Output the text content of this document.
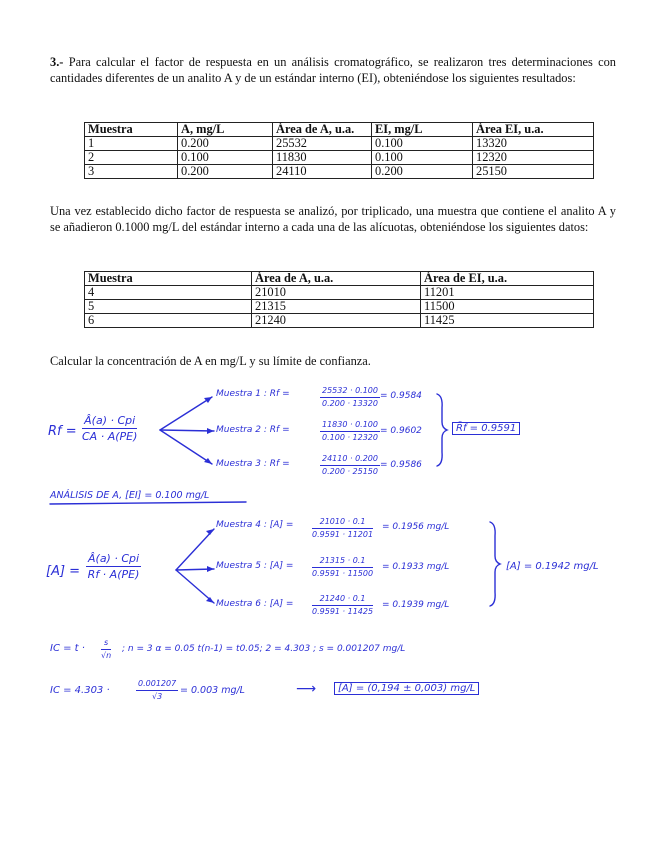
3.- Para calcular el factor de respuesta en un análisis cromatográfico, se realizaron tres determinaciones con cantidades diferentes de un analito A y de un estándar interno (EI), obteniéndose los siguientes resultados:
Muestra	A, mg/L	Área de A, u.a.	EI, mg/L	Área EI, u.a.
1	0.200	25532	0.100	13320
2	0.100	11830	0.100	12320
3	0.200	24110	0.200	25150
Una vez establecido dicho factor de respuesta se analizó, por triplicado, una muestra que contiene el analito A y se añadieron 0.1000 mg/L del estándar interno a cada una de las alícuotas, obteniéndose los siguientes datos:
Muestra	Área de A, u.a.	Área de EI, u.a.
4	21010	11201
5	21315	11500
6	21240	11425
Calcular la concentración de A en mg/L y su límite de confianza.
Rf =
Â(a) · Cpi
CA · A(PE)
Muestra 1 : Rf =	$\frac{25532 \cdot 0.100}{0.200 \cdot 13320} = 0.9584$
Muestra 2 : Rf =	$\frac{11830 \cdot 0.100}{0.100 \cdot 12320} = 0.9602$
Muestra 3 : Rf =	$\frac{24110 \cdot 0.200}{0.200 \cdot 25150} = 0.9586$
R̄f = 0.9591
ANÁLISIS DE A, [EI] = 0.100 mg/L
[A] =
Â(a) · Cpi
Rf · A(PE)
Muestra 4 : $[A] = \frac{21010 \cdot 0.1}{0.9591 \cdot 11201} = 0.1956$ mg/L
Muestra 5 : $[A] = \frac{21315 \cdot 0.1}{0.9591 \cdot 11500} = 0.1933$ mg/L
Muestra 6 : $[A] = \frac{21240 \cdot 0.1}{0.9591 \cdot 11425} = 0.1939$ mg/L
[A] = 0.1942 mg/L
IC = $t \cdot \frac{s}{√n}$ ; n = 3 α = 0.05 t(n-1) = t0.05; 2 = 4.303 ; s = 0.001207 mg/L
IC = 4.303 ·	$\frac{0.001207}{√3} = 0.003$ mg/L	⟶	[A] = (0,194 ± 0,003) mg/L
